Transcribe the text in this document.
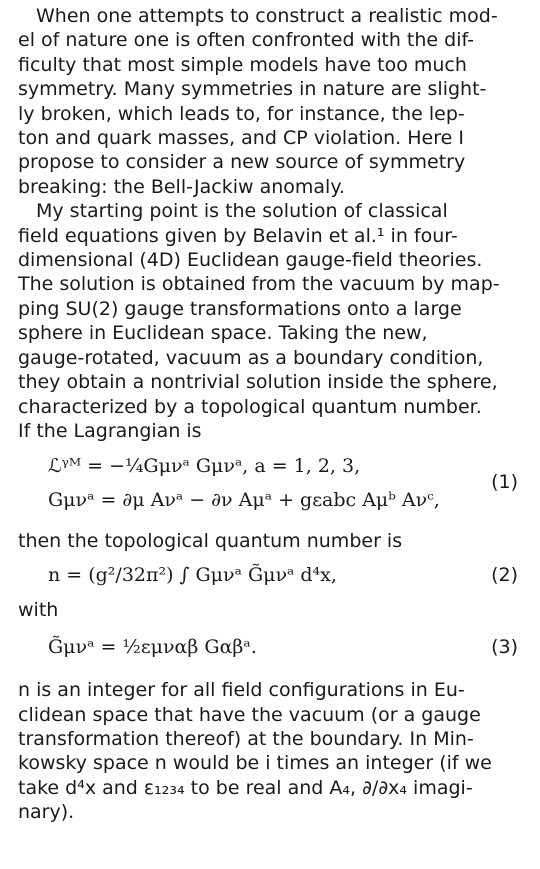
When one attempts to construct a realistic mod-
el of nature one is often confronted with the dif-
ficulty that most simple models have too much
symmetry. Many symmetries in nature are slight-
ly broken, which leads to, for instance, the lep-
ton and quark masses, and CP violation. Here I
propose to consider a new source of symmetry
breaking: the Bell-Jackiw anomaly.

My starting point is the solution of classical
field equations given by Belavin et al.¹ in four-
dimensional (4D) Euclidean gauge-field theories.
The solution is obtained from the vacuum by map-
ping SU(2) gauge transformations onto a large
sphere in Euclidean space. Taking the new,
gauge-rotated, vacuum as a boundary condition,
they obtain a nontrivial solution inside the sphere,
characterized by a topological quantum number.
If the Lagrangian is

ℒᵞᴹ = −¼Gμνᵃ Gμνᵃ, a = 1, 2, 3,
Gμνᵃ = ∂μ Aνᵃ − ∂ν Aμᵃ + gεabc Aμᵇ Aνᶜ,
(1)

then the topological quantum number is

n = (g²/32π²) ∫ Gμνᵃ G̃μνᵃ d⁴x,	(2)

with

G̃μνᵃ = ½εμναβ Gαβᵃ.	(3)

n is an integer for all field configurations in Eu-
clidean space that have the vacuum (or a gauge
transformation thereof) at the boundary. In Min-
kowsky space n would be i times an integer (if we
take d⁴x and ε₁₂₃₄ to be real and A₄, ∂/∂x₄ imagi-
nary).
